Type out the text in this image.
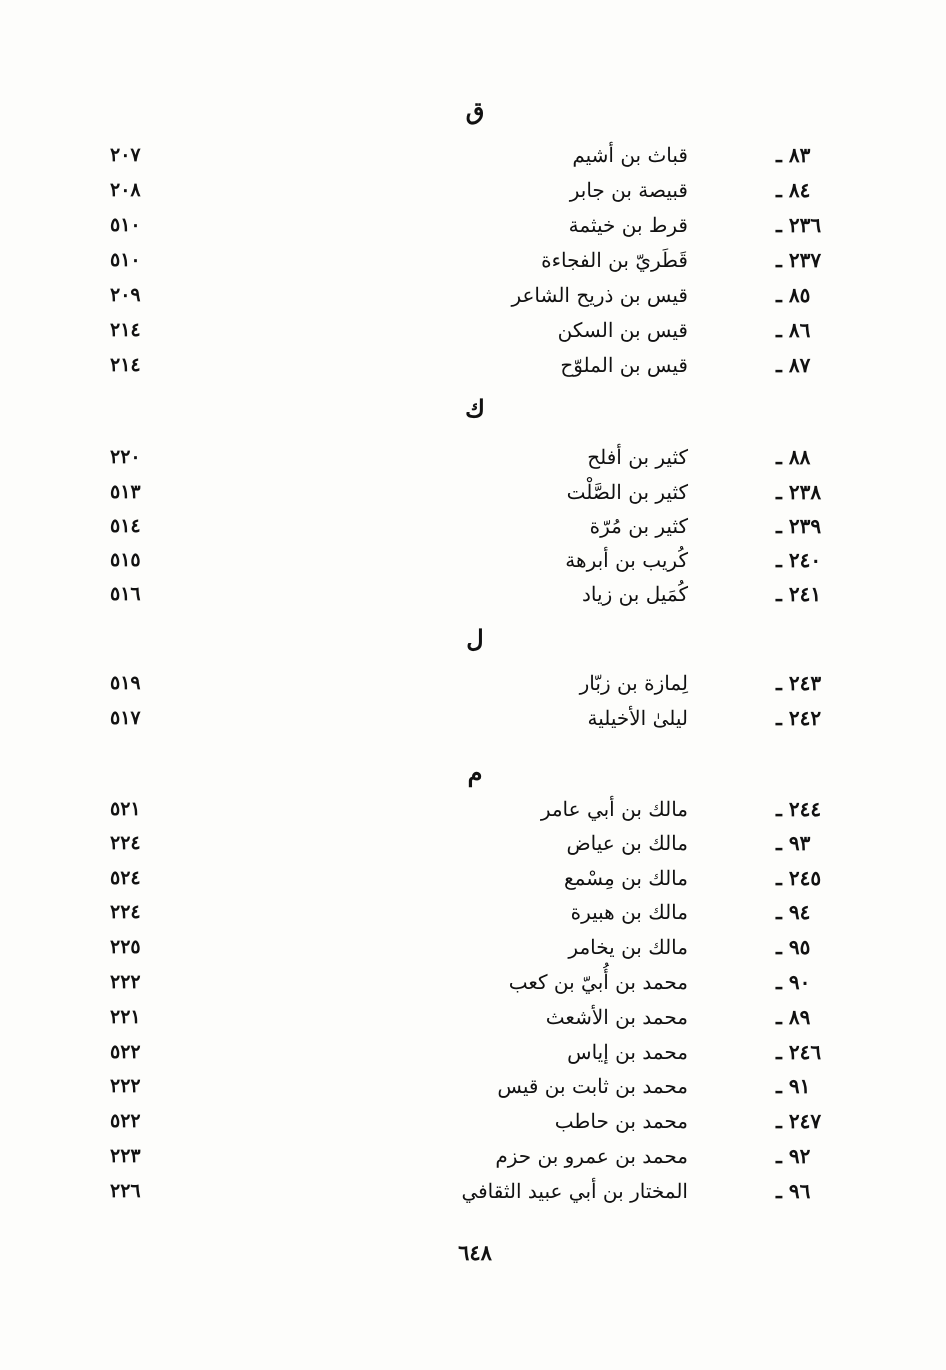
ق
٨٣ ـ
قباث بن أشيم
٢٠٧
٨٤ ـ
قبيصة بن جابر
٢٠٨
٢٣٦ ـ
قرط بن خيثمة
٥١٠
٢٣٧ ـ
قَطَريّ بن الفجاءة
٥١٠
٨٥ ـ
قيس بن ذريح الشاعر
٢٠٩
٨٦ ـ
قيس بن السكن
٢١٤
٨٧ ـ
قيس بن الملوّح
٢١٤
ك
٨٨ ـ
كثير بن أفلح
٢٢٠
٢٣٨ ـ
كثير بن الصَّلْت
٥١٣
٢٣٩ ـ
كثير بن مُرّة
٥١٤
٢٤٠ ـ
كُريب بن أبرهة
٥١٥
٢٤١ ـ
كُمَيل بن زياد
٥١٦
ل
٢٤٣ ـ
لِمازة بن زبّار
٥١٩
٢٤٢ ـ
ليلىٰ الأخيلية
٥١٧
م
٢٤٤ ـ
مالك بن أبي عامر
٥٢١
٩٣ ـ
مالك بن عياض
٢٢٤
٢٤٥ ـ
مالك بن مِسْمع
٥٢٤
٩٤ ـ
مالك بن هبيرة
٢٢٤
٩٥ ـ
مالك بن يخامر
٢٢٥
٩٠ ـ
محمد بن أُبيّ بن كعب
٢٢٢
٨٩ ـ
محمد بن الأشعث
٢٢١
٢٤٦ ـ
محمد بن إياس
٥٢٢
٩١ ـ
محمد بن ثابت بن قيس
٢٢٢
٢٤٧ ـ
محمد بن حاطب
٥٢٢
٩٢ ـ
محمد بن عمرو بن حزم
٢٢٣
٩٦ ـ
المختار بن أبي عبيد الثقافي
٢٢٦
٦٤٨
